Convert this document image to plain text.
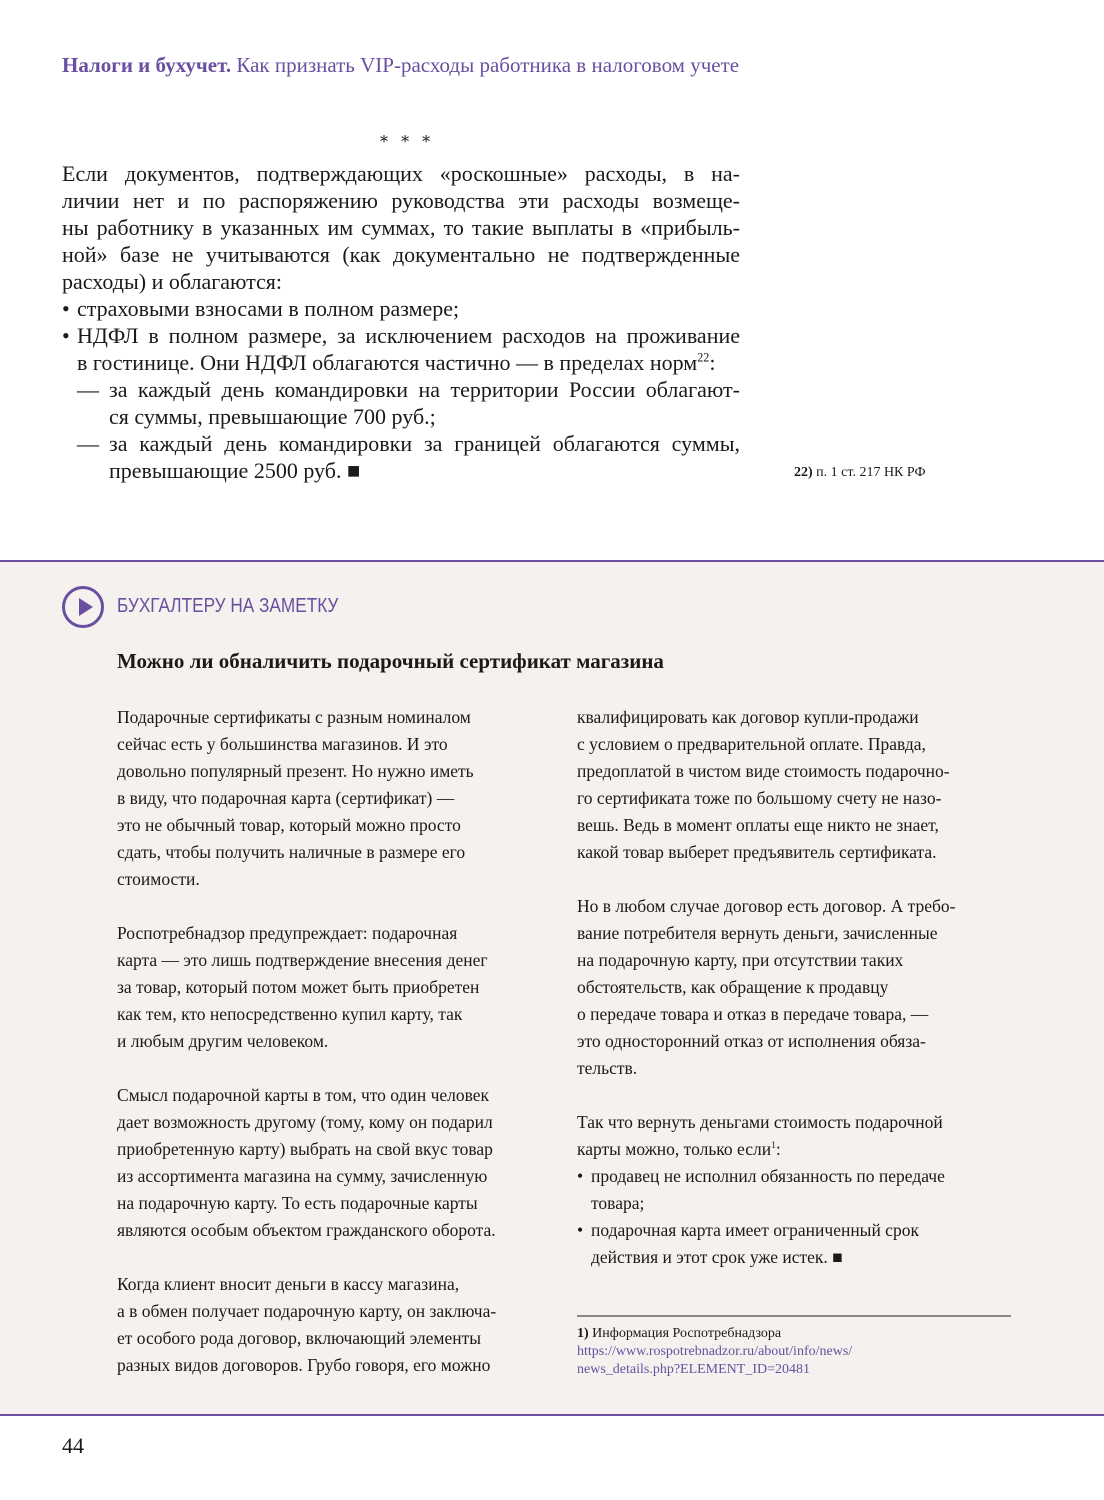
Налоги и бухучет. Как признать VIP-расходы работника в налоговом учете
* * *
Если документов, подтверждающих «роскошные» расходы, в на-
личии нет и по распоряжению руководства эти расходы возмеще-
ны работнику в указанных им суммах, то такие выплаты в «прибыль-
ной» базе не учитываются (как документально не подтвержденные
расходы) и облагаются:
• страховыми взносами в полном размере;
• НДФЛ в полном размере, за исключением расходов на проживание
в гостинице. Они НДФЛ облагаются частично — в пределах норм$^{22}$:
— за каждый день командировки на территории России облагают-
ся суммы, превышающие 700 руб.;
— за каждый день командировки за границей облагаются суммы,
превышающие 2500 руб. ■	22) п. 1 ст. 217 НК РФ
БУХГАЛТЕРУ НА ЗАМЕТКУ
Можно ли обналичить подарочный сертификат магазина
Подарочные сертификаты с разным номиналом
сейчас есть у большинства магазинов. И это
довольно популярный презент. Но нужно иметь
в виду, что подарочная карта (сертификат) —
это не обычный товар, который можно просто
сдать, чтобы получить наличные в размере его
стоимости.
Роспотребнадзор предупреждает: подарочная
карта — это лишь подтверждение внесения денег
за товар, который потом может быть приобретен
как тем, кто непосредственно купил карту, так
и любым другим человеком.
Смысл подарочной карты в том, что один человек
дает возможность другому (тому, кому он подарил
приобретенную карту) выбрать на свой вкус товар
из ассортимента магазина на сумму, зачисленную
на подарочную карту. То есть подарочные карты
являются особым объектом гражданского оборота.
Когда клиент вносит деньги в кассу магазина,
а в обмен получает подарочную карту, он заключа-
ет особого рода договор, включающий элементы
разных видов договоров. Грубо говоря, его можно
квалифицировать как договор купли-продажи
с условием о предварительной оплате. Правда,
предоплатой в чистом виде стоимость подарочно-
го сертификата тоже по большому счету не назо-
вешь. Ведь в момент оплаты еще никто не знает,
какой товар выберет предъявитель сертификата.
Но в любом случае договор есть договор. А требо-
вание потребителя вернуть деньги, зачисленные
на подарочную карту, при отсутствии таких
обстоятельств, как обращение к продавцу
о передаче товара и отказ в передаче товара, —
это односторонний отказ от исполнения обяза-
тельств.
Так что вернуть деньгами стоимость подарочной
карты можно, только если$^1$:
• продавец не исполнил обязанность по передаче
товара;
• подарочная карта имеет ограниченный срок
действия и этот срок уже истек. ■
1) Информация Роспотребнадзора
https://www.rospotrebnadzor.ru/about/info/news/
news_details.php?ELEMENT_ID=20481
44
